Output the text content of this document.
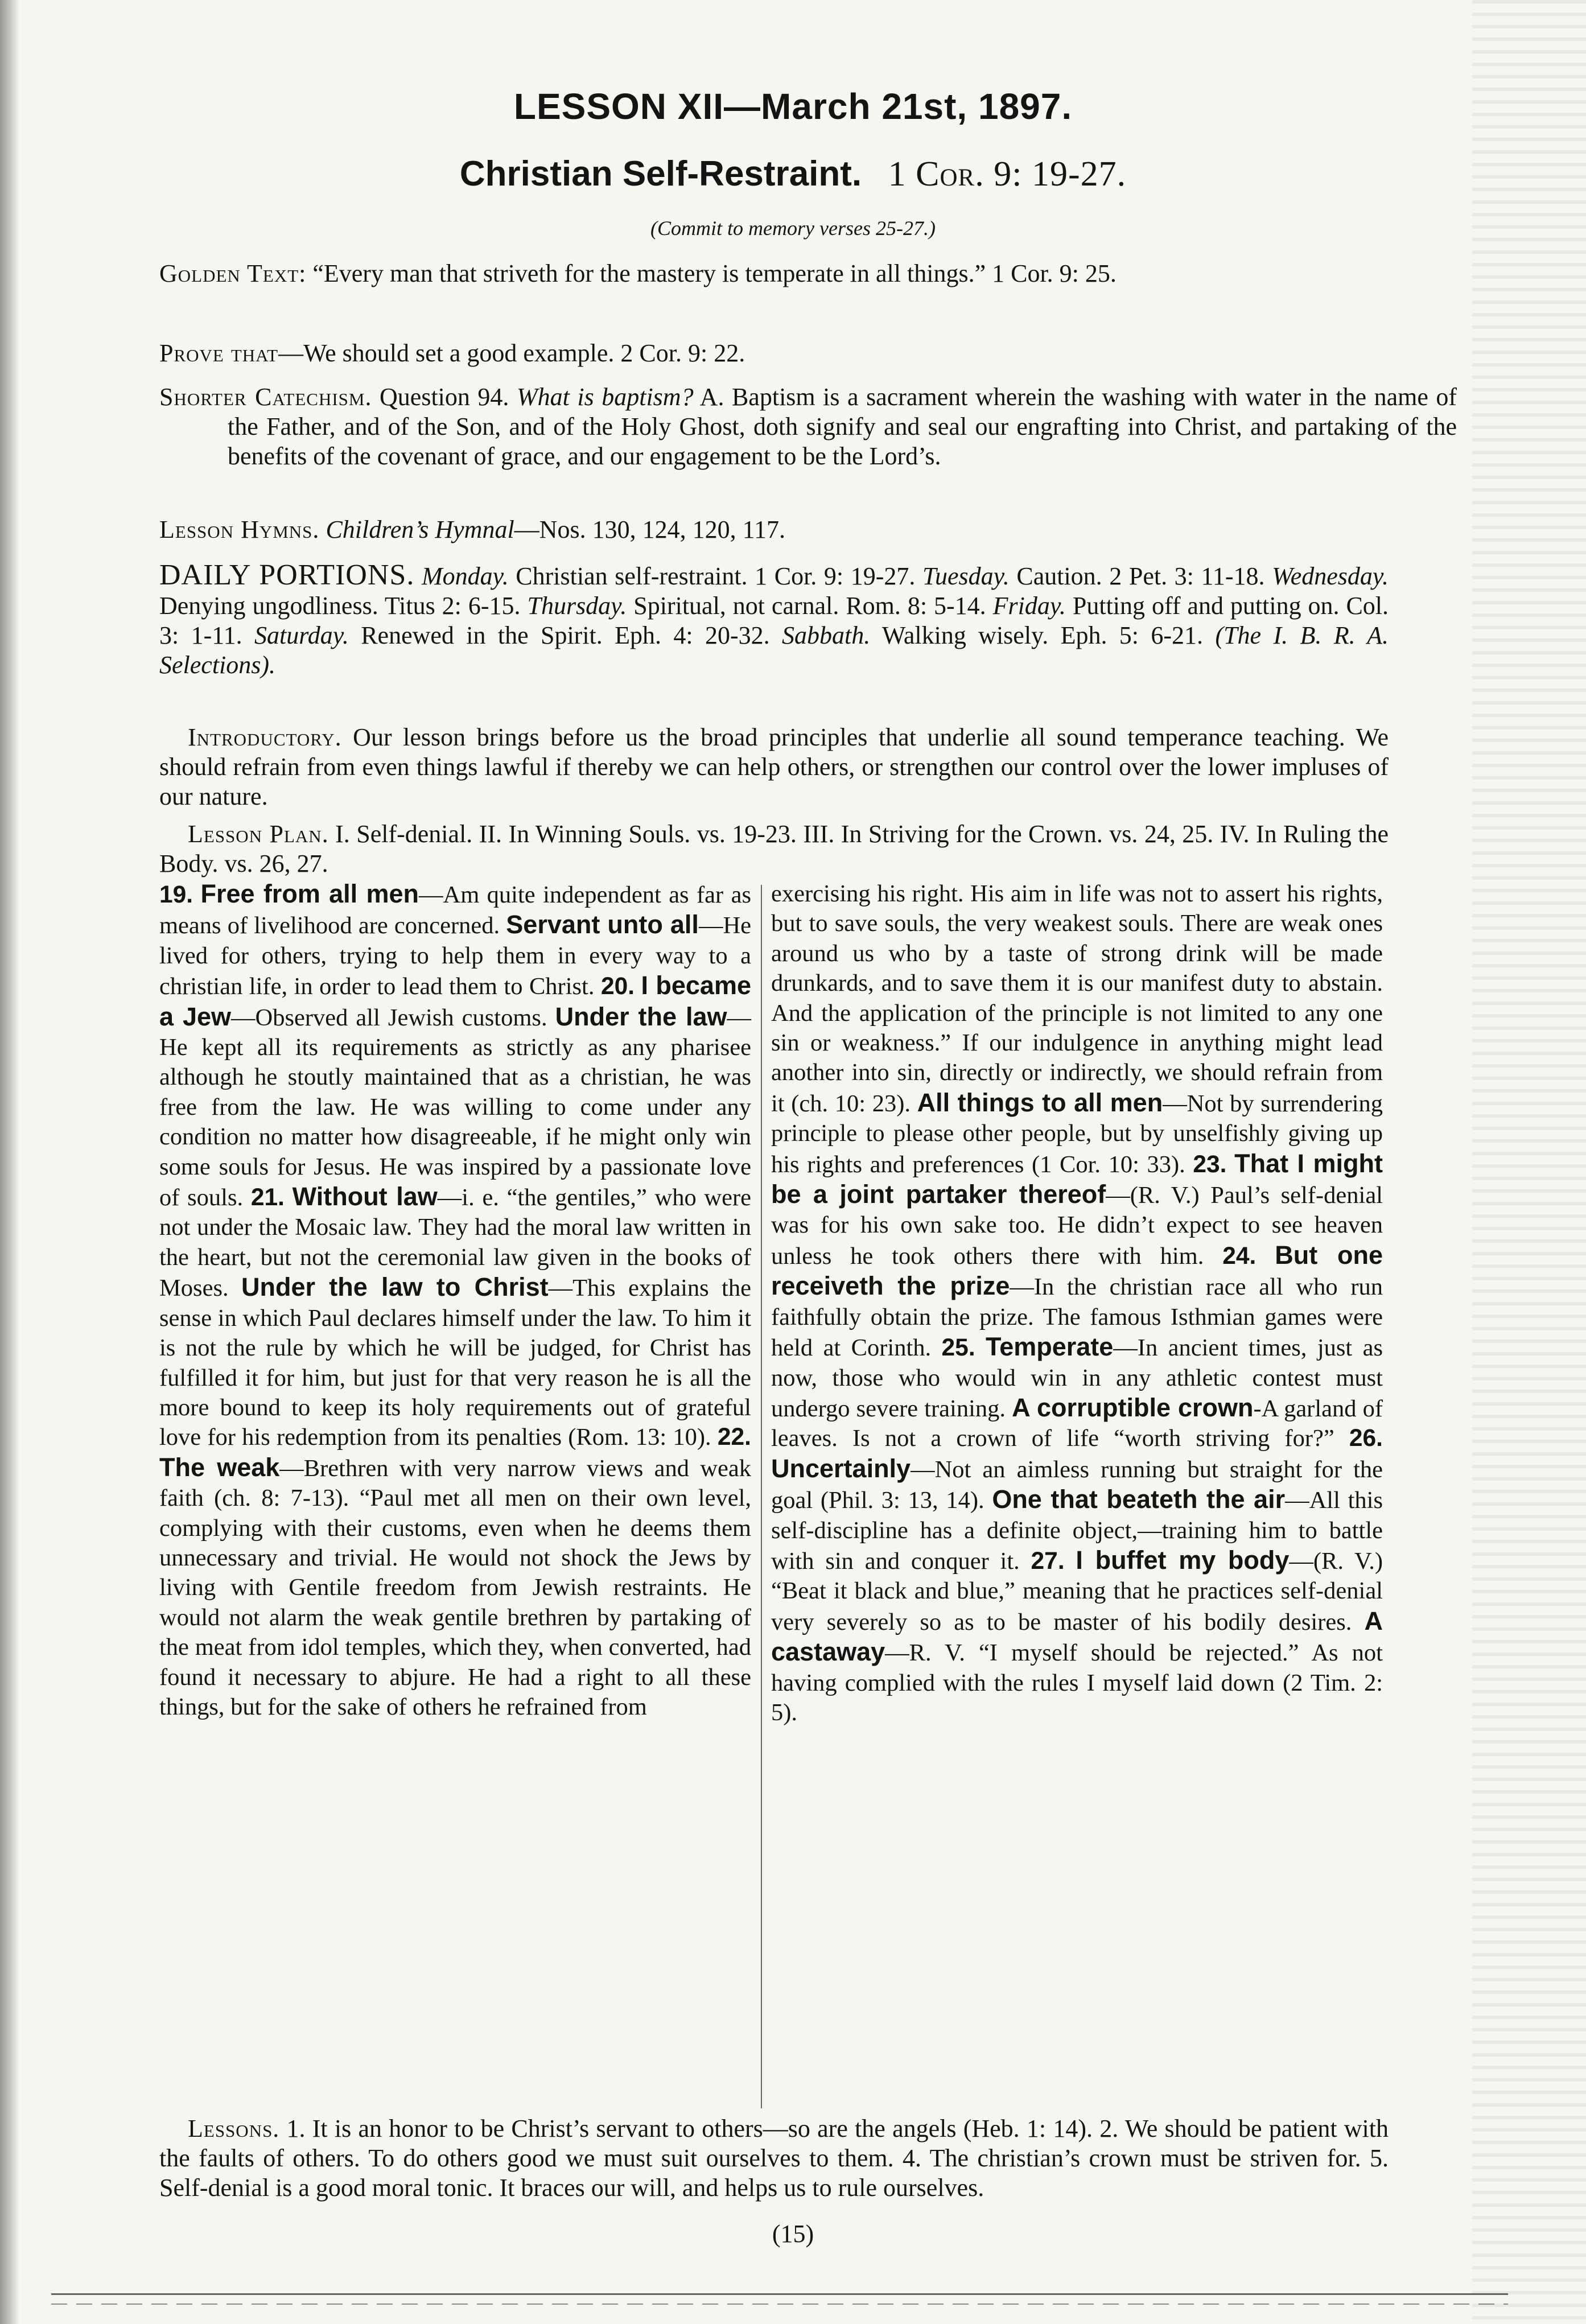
LESSON XII—March 21st, 1897.
Christian Self-Restraint. 1 Cor. 9: 19-27.
(Commit to memory verses 25-27.)
Golden Text: “Every man that striveth for the mastery is temperate in all things.” 1 Cor. 9: 25.
Prove that—We should set a good example. 2 Cor. 9: 22.
Shorter Catechism. Question 94. What is baptism? A. Baptism is a sacrament wherein the washing with water in the name of the Father, and of the Son, and of the Holy Ghost, doth signify and seal our engrafting into Christ, and partaking of the benefits of the covenant of grace, and our engagement to be the Lord’s.
Lesson Hymns. Children’s Hymnal—Nos. 130, 124, 120, 117.
DAILY PORTIONS. Monday. Christian self-restraint. 1 Cor. 9: 19-27. Tuesday. Caution. 2 Pet. 3: 11-18. Wednesday. Denying ungodliness. Titus 2: 6-15. Thursday. Spiritual, not carnal. Rom. 8: 5-14. Friday. Putting off and putting on. Col. 3: 1-11. Saturday. Renewed in the Spirit. Eph. 4: 20-32. Sabbath. Walking wisely. Eph. 5: 6-21. (The I. B. R. A. Selections).
Introductory. Our lesson brings before us the broad principles that underlie all sound temperance teaching. We should refrain from even things lawful if thereby we can help others, or strengthen our control over the lower impluses of our nature.
Lesson Plan. I. Self-denial. II. In Winning Souls. vs. 19-23. III. In Striving for the Crown. vs. 24, 25. IV. In Ruling the Body. vs. 26, 27.
19. Free from all men—Am quite independent as far as means of livelihood are concerned. Servant unto all—He lived for others, trying to help them in every way to a christian life, in order to lead them to Christ. 20. I became a Jew—Observed all Jewish customs. Under the law—He kept all its requirements as strictly as any pharisee although he stoutly maintained that as a christian, he was free from the law. He was willing to come under any condition no matter how disagreeable, if he might only win some souls for Jesus. He was inspired by a passionate love of souls. 21. Without law—i. e. “the gentiles,” who were not under the Mosaic law. They had the moral law written in the heart, but not the ceremonial law given in the books of Moses. Under the law to Christ—This explains the sense in which Paul declares himself under the law. To him it is not the rule by which he will be judged, for Christ has fulfilled it for him, but just for that very reason he is all the more bound to keep its holy requirements out of grateful love for his redemption from its penalties (Rom. 13: 10). 22. The weak—Brethren with very narrow views and weak faith (ch. 8: 7-13). “Paul met all men on their own level, complying with their customs, even when he deems them unnecessary and trivial. He would not shock the Jews by living with Gentile freedom from Jewish restraints. He would not alarm the weak gentile brethren by partaking of the meat from idol temples, which they, when converted, had found it necessary to abjure. He had a right to all these things, but for the sake of others he refrained from
exercising his right. His aim in life was not to assert his rights, but to save souls, the very weakest souls. There are weak ones around us who by a taste of strong drink will be made drunkards, and to save them it is our manifest duty to abstain. And the application of the principle is not limited to any one sin or weakness.” If our indulgence in anything might lead another into sin, directly or indirectly, we should refrain from it (ch. 10: 23). All things to all men—Not by surrendering principle to please other people, but by unselfishly giving up his rights and preferences (1 Cor. 10: 33). 23. That I might be a joint partaker thereof—(R. V.) Paul’s self-denial was for his own sake too. He didn’t expect to see heaven unless he took others there with him. 24. But one receiveth the prize—In the christian race all who run faithfully obtain the prize. The famous Isthmian games were held at Corinth. 25. Temperate—In ancient times, just as now, those who would win in any athletic contest must undergo severe training. A corruptible crown-A garland of leaves. Is not a crown of life “worth striving for?” 26. Uncertainly—Not an aimless running but straight for the goal (Phil. 3: 13, 14). One that beateth the air—All this self-discipline has a definite object,—training him to battle with sin and conquer it. 27. I buffet my body—(R. V.) “Beat it black and blue,” meaning that he practices self-denial very severely so as to be master of his bodily desires. A castaway—R. V. “I myself should be rejected.” As not having complied with the rules I myself laid down (2 Tim. 2: 5).
Lessons. 1. It is an honor to be Christ’s servant to others—so are the angels (Heb. 1: 14). 2. We should be patient with the faults of others. To do others good we must suit ourselves to them. 4. The christian’s crown must be striven for. 5. Self-denial is a good moral tonic. It braces our will, and helps us to rule ourselves.
(15)
